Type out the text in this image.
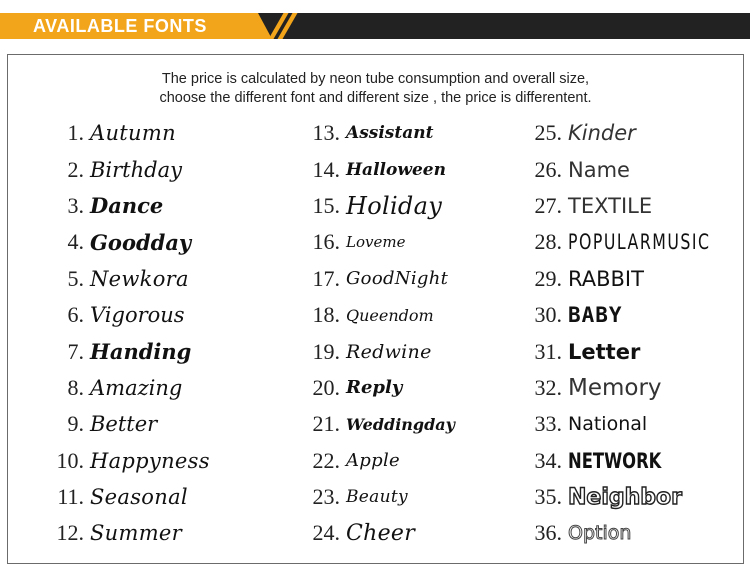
AVAILABLE FONTS
The price is calculated by neon tube consumption and overall size,
choose the different font and different size , the price is differentent.
1. Autumn
2. Birthday
3. Dance
4. Goodday
5. Newkora
6. Vigorous
7. Handing
8. Amazing
9. Better
10. Happyness
11. Seasonal
12. Summer
13. Assistant
14. Halloween
15. Holiday
16. Loveme
17. GoodNight
18. Queendom
19. Redwine
20. Reply
21. Weddingday
22. Apple
23. Beauty
24. Cheer
25. Kinder
26. Name
27. TEXTILE
28. POPULARMUSIC
29. RABBIT
30. BABY
31. Letter
32. Memory
33. National
34. NETWORK
35. Neighbor
36. Option
